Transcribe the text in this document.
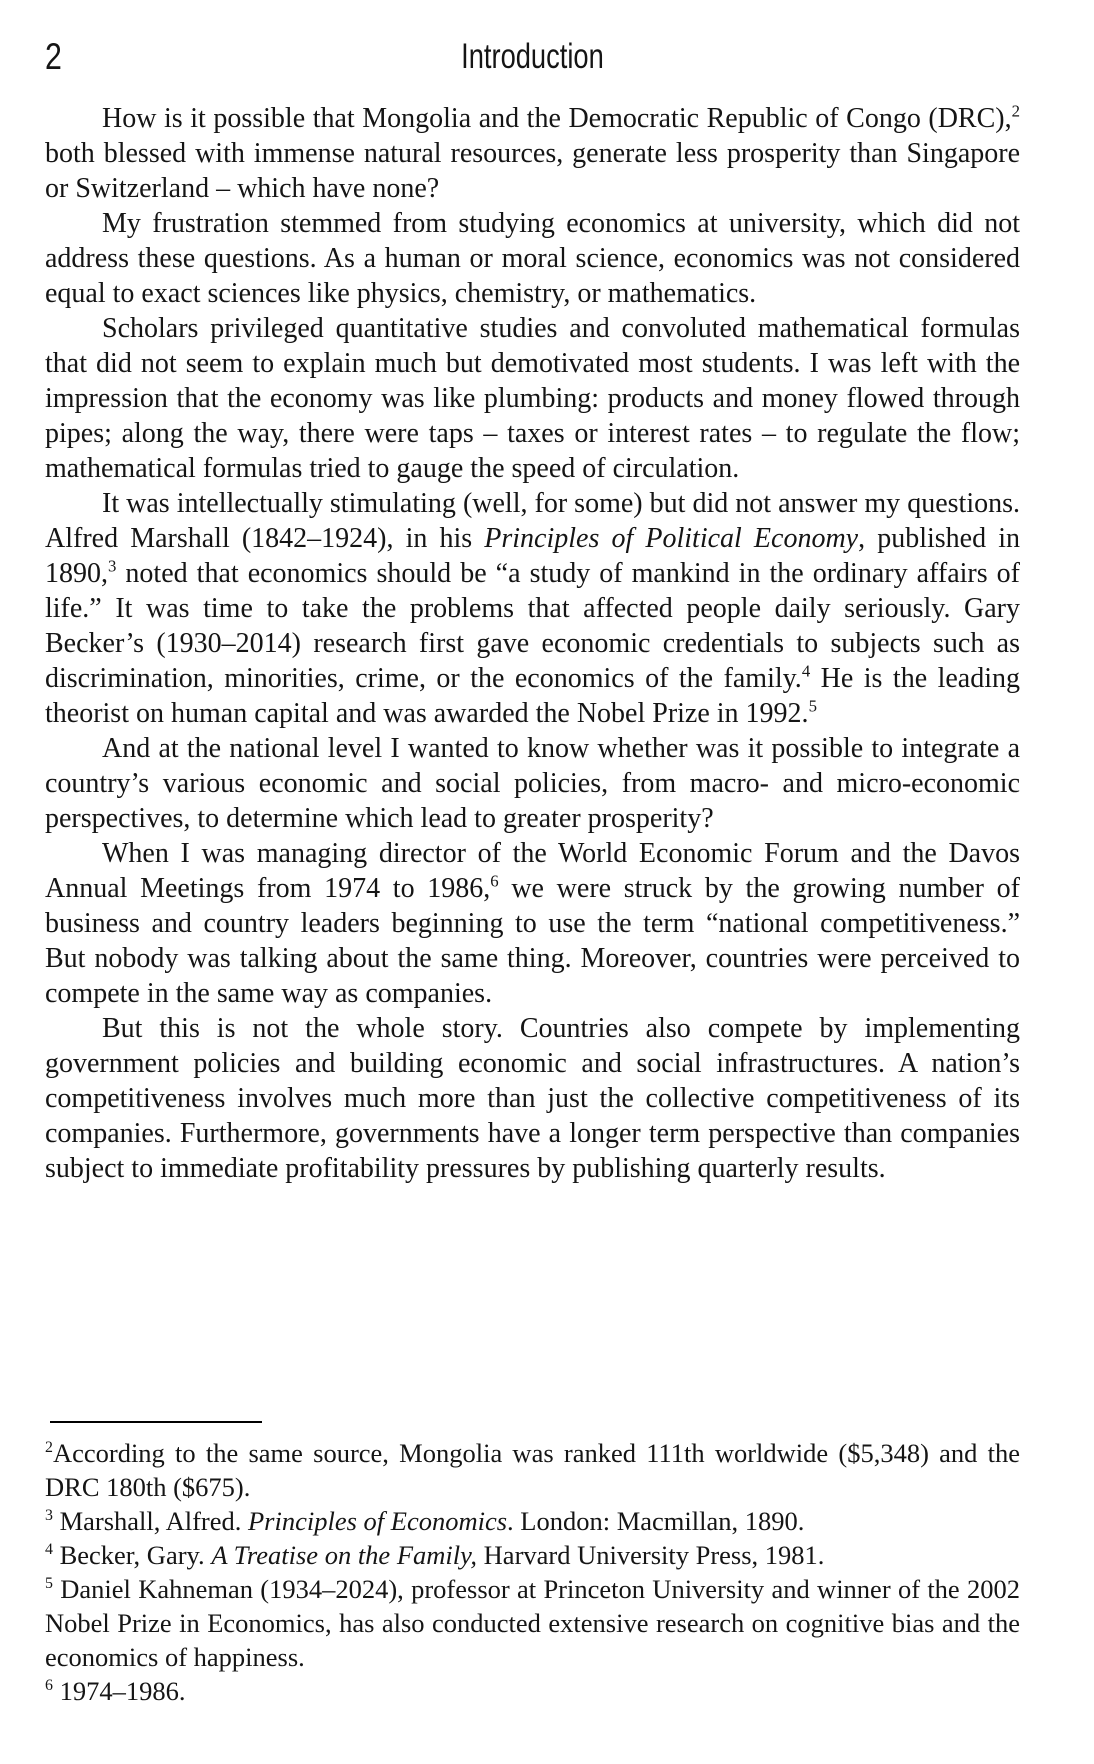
2	Introduction

How is it possible that Mongolia and the Democratic Republic of Congo (DRC),$^2$ both blessed with immense natural resources, generate less prosperity than Singapore or Switzerland – which have none?

My frustration stemmed from studying economics at university, which did not address these questions. As a human or moral science, economics was not considered equal to exact sciences like physics, chemistry, or mathematics.

Scholars privileged quantitative studies and convoluted mathematical formulas that did not seem to explain much but demotivated most students. I was left with the impression that the economy was like plumbing: products and money flowed through pipes; along the way, there were taps – taxes or interest rates – to regulate the flow; mathematical formulas tried to gauge the speed of circulation.

It was intellectually stimulating (well, for some) but did not answer my questions. Alfred Marshall (1842–1924), in his Principles of Political Economy, published in 1890,$^3$ noted that economics should be “a study of mankind in the ordinary affairs of life.” It was time to take the problems that affected people daily seriously. Gary Becker’s (1930–2014) research first gave economic credentials to subjects such as discrimination, minorities, crime, or the economics of the family.$^4$ He is the leading theorist on human capital and was awarded the Nobel Prize in 1992.$^5$

And at the national level I wanted to know whether was it possible to integrate a country’s various economic and social policies, from macro- and micro-economic perspectives, to determine which lead to greater prosperity?

When I was managing director of the World Economic Forum and the Davos Annual Meetings from 1974 to 1986,$^6$ we were struck by the growing number of business and country leaders beginning to use the term “national competitiveness.” But nobody was talking about the same thing. Moreover, countries were perceived to compete in the same way as companies.

But this is not the whole story. Countries also compete by implementing government policies and building economic and social infrastructures. A nation’s competitiveness involves much more than just the collective competitiveness of its companies. Furthermore, governments have a longer term perspective than companies subject to immediate profitability pressures by publishing quarterly results.

$^2$According to the same source, Mongolia was ranked 111th worldwide ($5,348) and the DRC 180th ($675).

$^3$ Marshall, Alfred. Principles of Economics. London: Macmillan, 1890.

$^4$ Becker, Gary. A Treatise on the Family, Harvard University Press, 1981.

$^5$ Daniel Kahneman (1934–2024), professor at Princeton University and winner of the 2002 Nobel Prize in Economics, has also conducted extensive research on cognitive bias and the economics of happiness.

$^6$ 1974–1986.
